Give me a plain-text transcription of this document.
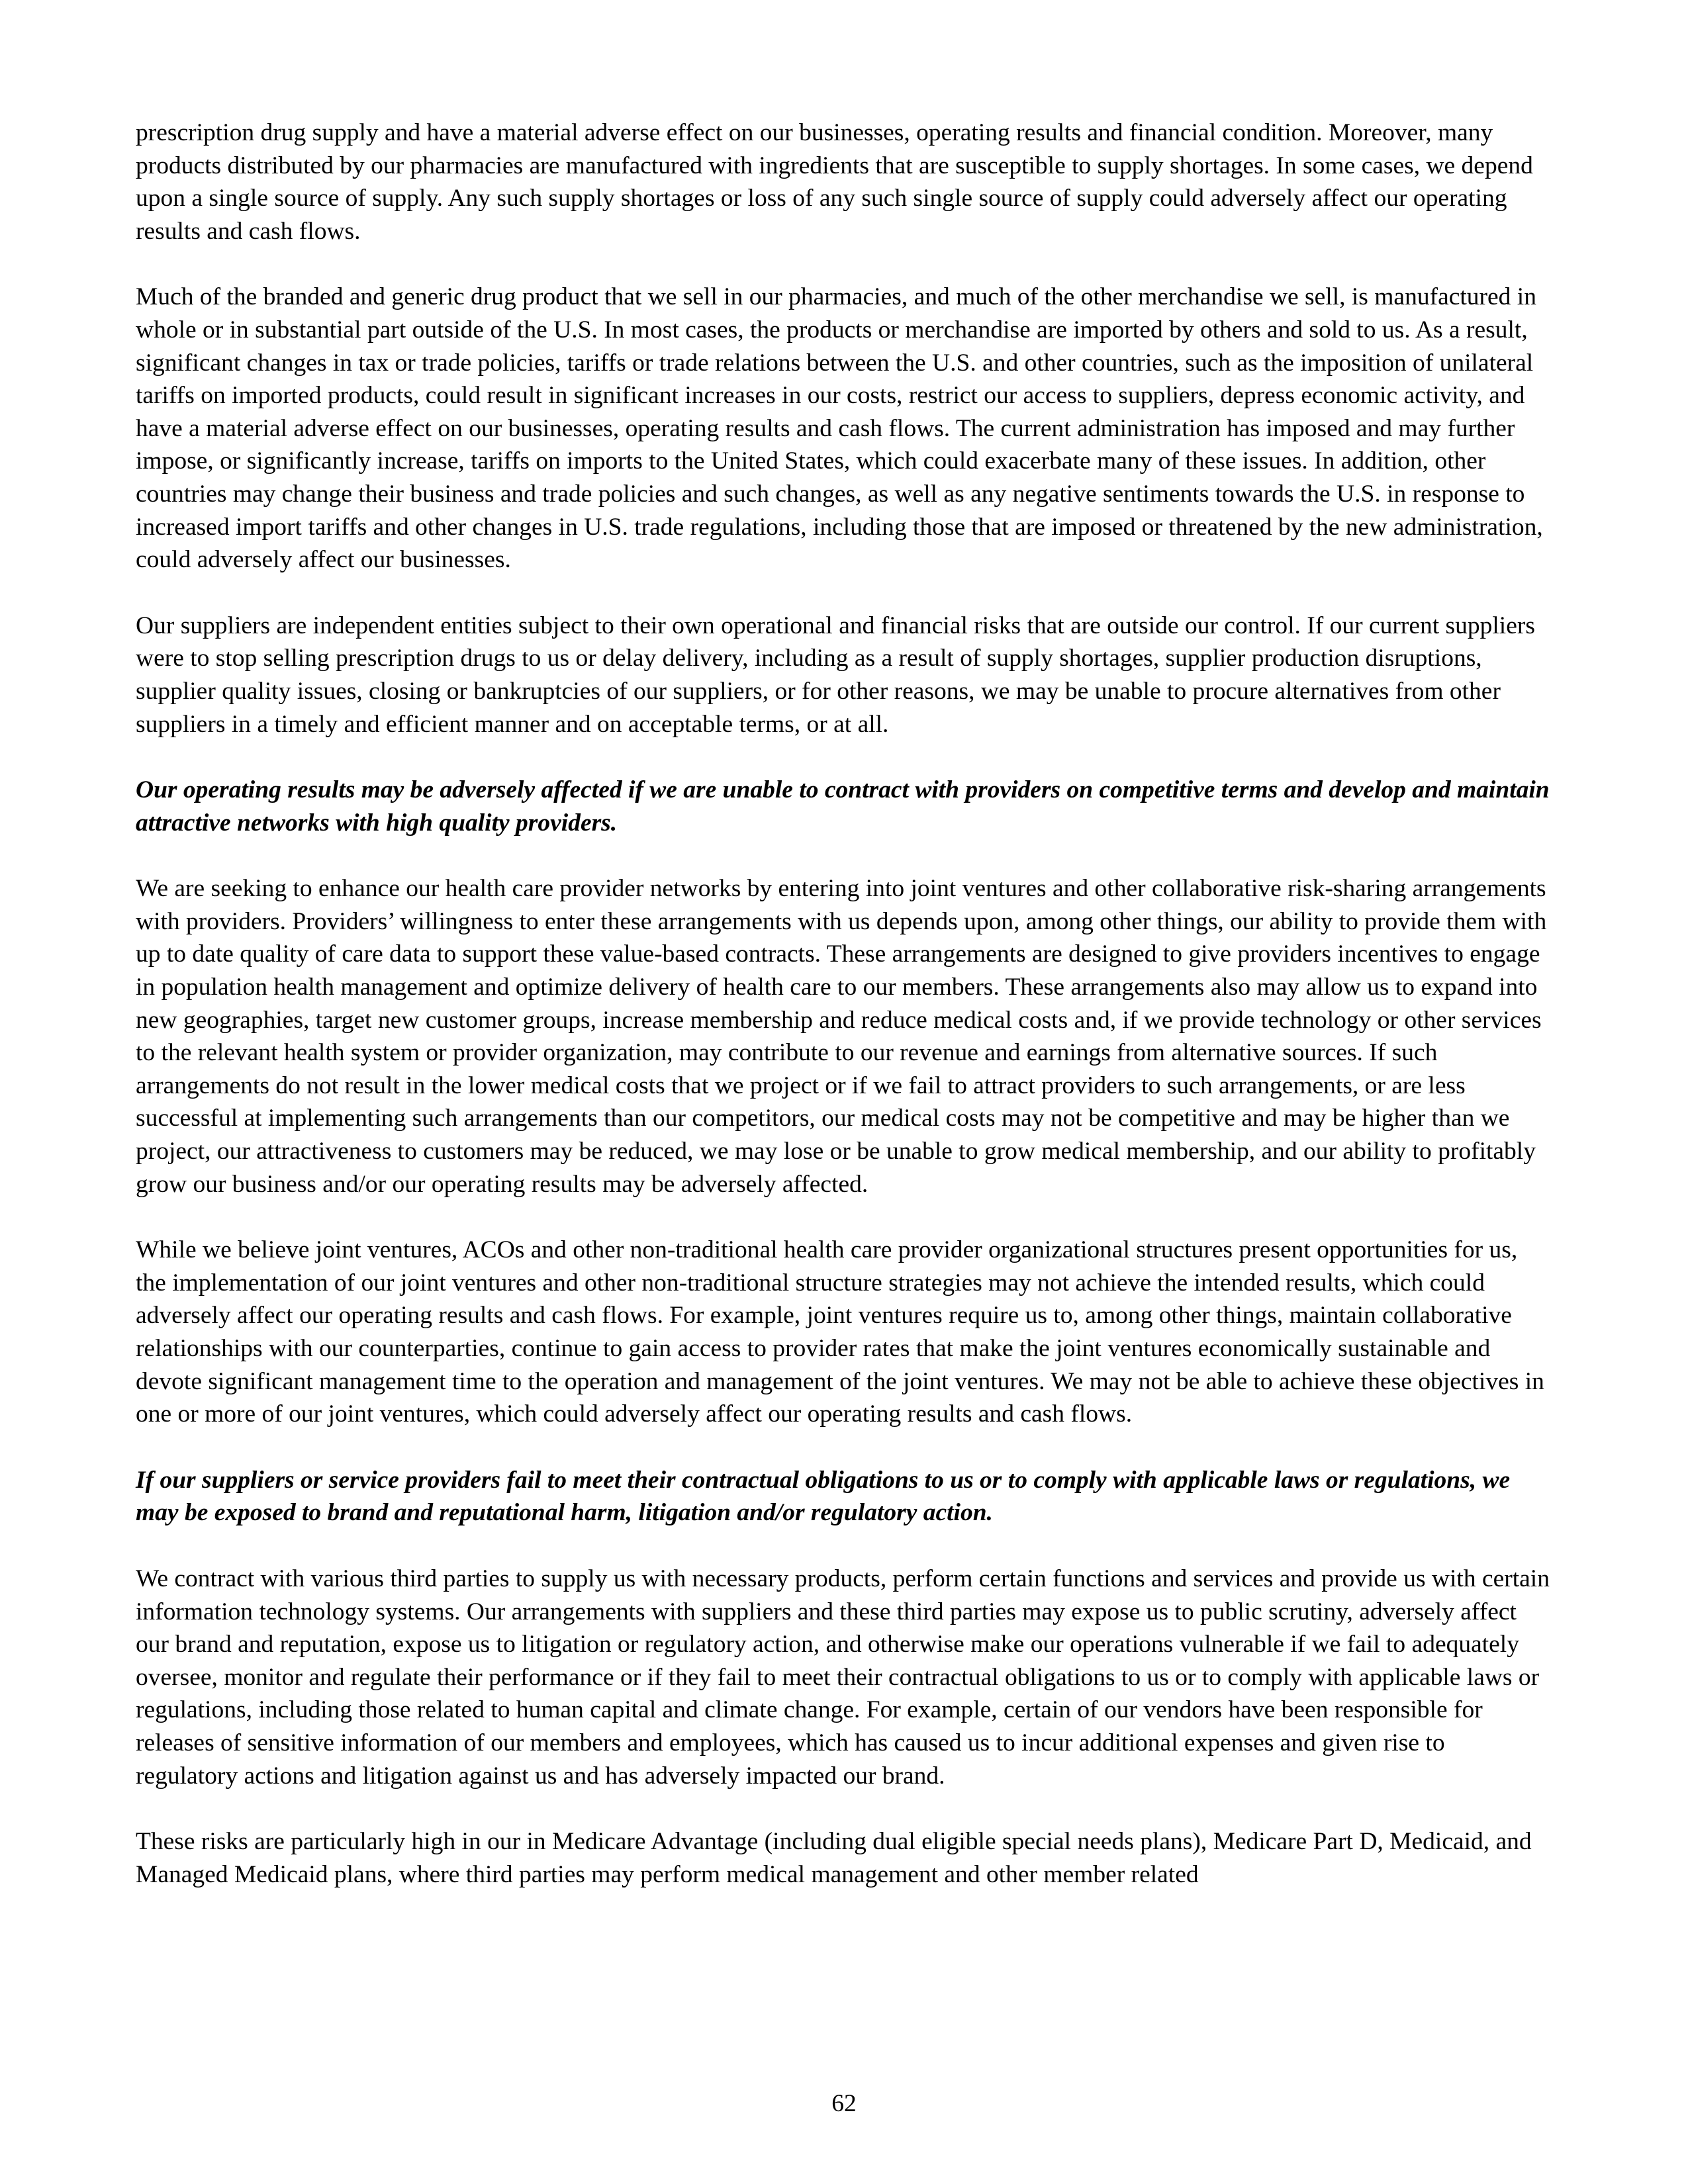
prescription drug supply and have a material adverse effect on our businesses, operating results and financial condition. Moreover, many products distributed by our pharmacies are manufactured with ingredients that are susceptible to supply shortages. In some cases, we depend upon a single source of supply. Any such supply shortages or loss of any such single source of supply could adversely affect our operating results and cash flows.

Much of the branded and generic drug product that we sell in our pharmacies, and much of the other merchandise we sell, is manufactured in whole or in substantial part outside of the U.S. In most cases, the products or merchandise are imported by others and sold to us. As a result, significant changes in tax or trade policies, tariffs or trade relations between the U.S. and other countries, such as the imposition of unilateral tariffs on imported products, could result in significant increases in our costs, restrict our access to suppliers, depress economic activity, and have a material adverse effect on our businesses, operating results and cash flows. The current administration has imposed and may further impose, or significantly increase, tariffs on imports to the United States, which could exacerbate many of these issues. In addition, other countries may change their business and trade policies and such changes, as well as any negative sentiments towards the U.S. in response to increased import tariffs and other changes in U.S. trade regulations, including those that are imposed or threatened by the new administration, could adversely affect our businesses.

Our suppliers are independent entities subject to their own operational and financial risks that are outside our control. If our current suppliers were to stop selling prescription drugs to us or delay delivery, including as a result of supply shortages, supplier production disruptions, supplier quality issues, closing or bankruptcies of our suppliers, or for other reasons, we may be unable to procure alternatives from other suppliers in a timely and efficient manner and on acceptable terms, or at all.

Our operating results may be adversely affected if we are unable to contract with providers on competitive terms and develop and maintain attractive networks with high quality providers.

We are seeking to enhance our health care provider networks by entering into joint ventures and other collaborative risk-sharing arrangements with providers. Providers’ willingness to enter these arrangements with us depends upon, among other things, our ability to provide them with up to date quality of care data to support these value-based contracts. These arrangements are designed to give providers incentives to engage in population health management and optimize delivery of health care to our members. These arrangements also may allow us to expand into new geographies, target new customer groups, increase membership and reduce medical costs and, if we provide technology or other services to the relevant health system or provider organization, may contribute to our revenue and earnings from alternative sources. If such arrangements do not result in the lower medical costs that we project or if we fail to attract providers to such arrangements, or are less successful at implementing such arrangements than our competitors, our medical costs may not be competitive and may be higher than we project, our attractiveness to customers may be reduced, we may lose or be unable to grow medical membership, and our ability to profitably grow our business and/or our operating results may be adversely affected.

While we believe joint ventures, ACOs and other non-traditional health care provider organizational structures present opportunities for us, the implementation of our joint ventures and other non-traditional structure strategies may not achieve the intended results, which could adversely affect our operating results and cash flows. For example, joint ventures require us to, among other things, maintain collaborative relationships with our counterparties, continue to gain access to provider rates that make the joint ventures economically sustainable and devote significant management time to the operation and management of the joint ventures. We may not be able to achieve these objectives in one or more of our joint ventures, which could adversely affect our operating results and cash flows.

If our suppliers or service providers fail to meet their contractual obligations to us or to comply with applicable laws or regulations, we may be exposed to brand and reputational harm, litigation and/or regulatory action.

We contract with various third parties to supply us with necessary products, perform certain functions and services and provide us with certain information technology systems. Our arrangements with suppliers and these third parties may expose us to public scrutiny, adversely affect our brand and reputation, expose us to litigation or regulatory action, and otherwise make our operations vulnerable if we fail to adequately oversee, monitor and regulate their performance or if they fail to meet their contractual obligations to us or to comply with applicable laws or regulations, including those related to human capital and climate change. For example, certain of our vendors have been responsible for releases of sensitive information of our members and employees, which has caused us to incur additional expenses and given rise to regulatory actions and litigation against us and has adversely impacted our brand.

These risks are particularly high in our in Medicare Advantage (including dual eligible special needs plans), Medicare Part D, Medicaid, and Managed Medicaid plans, where third parties may perform medical management and other member related

62
